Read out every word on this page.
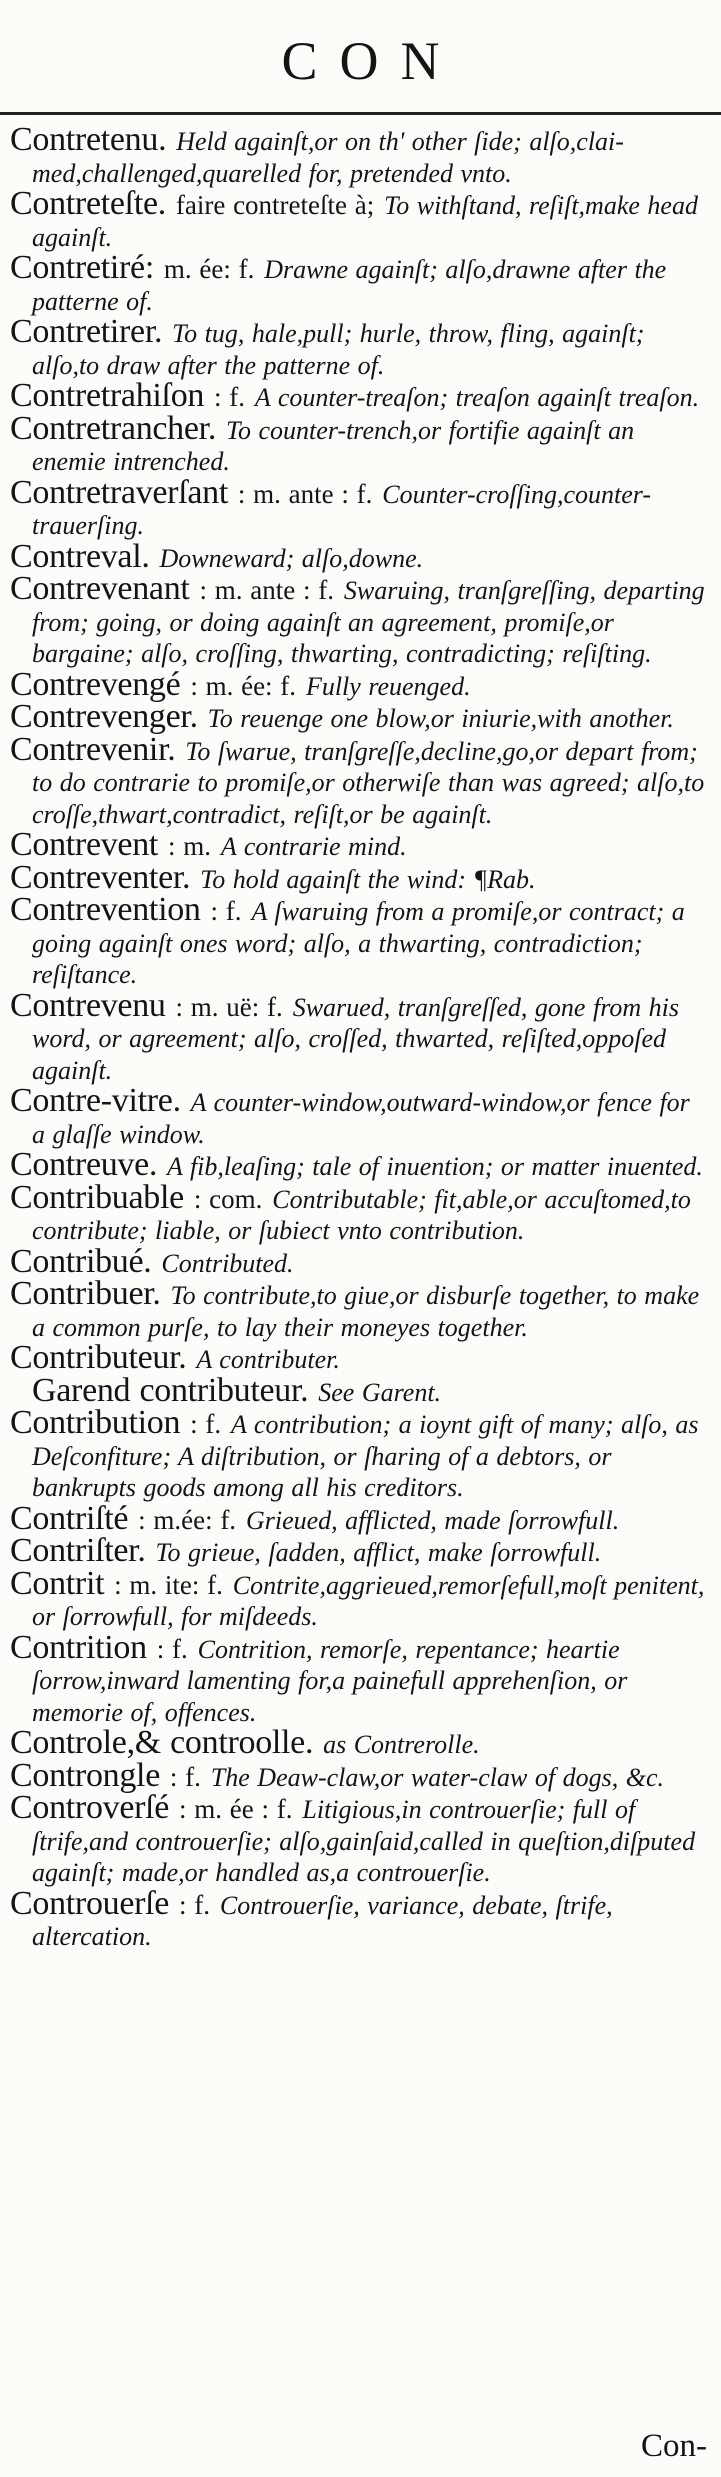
CON

Contretenu. Held againſt,or on th' other ſide; alſo,claimed,challenged,quarelled for, pretended vnto.

Contreteſte. faire contreteſte à; To withſtand, reſiſt,make head againſt.

Contretiré: m. ée: f. Drawne againſt; alſo,drawne after the patterne of.

Contretirer. To tug, hale,pull; hurle, throw, fling, againſt; alſo,to draw after the patterne of.

Contretrahiſon : f. A counter-treaſon; treaſon againſt treaſon.

Contretrancher. To counter-trench,or fortifie againſt an enemie intrenched.

Contretraverſant : m. ante : f. Counter-croſſing,counter-trauerſing.

Contreval. Downeward; alſo,downe.

Contrevenant : m. ante : f. Swaruing, tranſgreſſing, departing from; going, or doing againſt an agreement, promiſe,or bargaine; alſo, croſſing, thwarting, contradicting; reſiſting.

Contrevengé : m. ée: f. Fully reuenged.

Contrevenger. To reuenge one blow,or iniurie,with another.

Contrevenir. To ſwarue, tranſgreſſe,decline,go,or depart from; to do contrarie to promiſe,or otherwiſe than was agreed; alſo,to croſſe,thwart,contradict, reſiſt,or be againſt.

Contrevent : m. A contrarie mind.

Contreventer. To hold againſt the wind: ¶Rab.

Contrevention : f. A ſwaruing from a promiſe,or contract; a going againſt ones word; alſo, a thwarting, contradiction; reſiſtance.

Contrevenu : m. uë: f. Swarued, tranſgreſſed, gone from his word, or agreement; alſo, croſſed, thwarted, reſiſted,oppoſed againſt.

Contre-vitre. A counter-window,outward-window,or fence for a glaſſe window.

Contreuve. A fib,leaſing; tale of inuention; or matter inuented.

Contribuable : com. Contributable; fit,able,or accuſtomed,to contribute; liable, or ſubiect vnto contribution.

Contribué. Contributed.

Contribuer. To contribute,to giue,or disburſe together, to make a common purſe, to lay their moneyes together.

Contributeur. A contributer.

Garend contributeur. See Garent.

Contribution : f. A contribution; a ioynt gift of many; alſo, as Deſconfiture; A diſtribution, or ſharing of a debtors, or bankrupts goods among all his creditors.

Contriſté : m.ée: f. Grieued, afflicted, made ſorrowfull.

Contriſter. To grieue, ſadden, afflict, make ſorrowfull.

Contrit : m. ite: f. Contrite,aggrieued,remorſefull,moſt penitent, or ſorrowfull, for miſdeeds.

Contrition : f. Contrition, remorſe, repentance; heartie ſorrow,inward lamenting for,a painefull apprehenſion, or memorie of, offences.

Controle,& controolle. as Contrerolle.

Controngle : f. The Deaw-claw,or water-claw of dogs, &c.

Controverſé : m. ée : f. Litigious,in controuerſie; full of ſtrife,and controuerſie; alſo,gainſaid,called in queſtion,diſputed againſt; made,or handled as,a controuerſie.

Controuerſe : f. Controuerſie, variance, debate, ſtrife, altercation.

Con-
